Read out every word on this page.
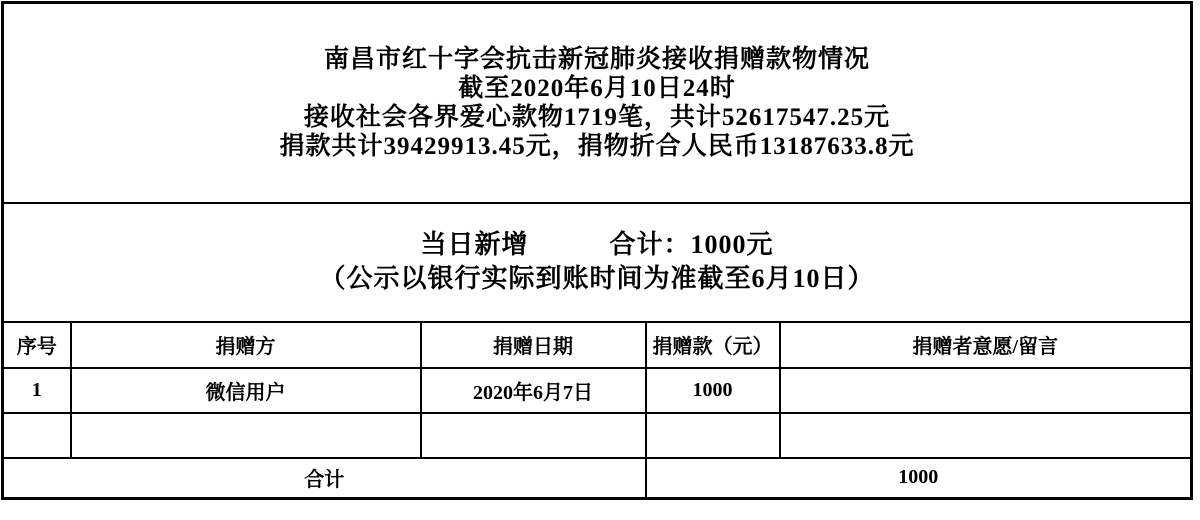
南昌市红十字会抗击新冠肺炎接收捐赠款物情况
截至2020年6月10日24时
接收社会各界爱心款物1719笔，共计52617547.25元
捐款共计39429913.45元，捐物折合人民币13187633.8元				

当日新增　　　合计：1000元
（公示以银行实际到账时间为准截至6月10日）				

序号	捐赠方	捐赠日期	捐赠款（元）	捐赠者意愿/留言
1	微信用户	2020年6月7日	1000	

合计			1000	
